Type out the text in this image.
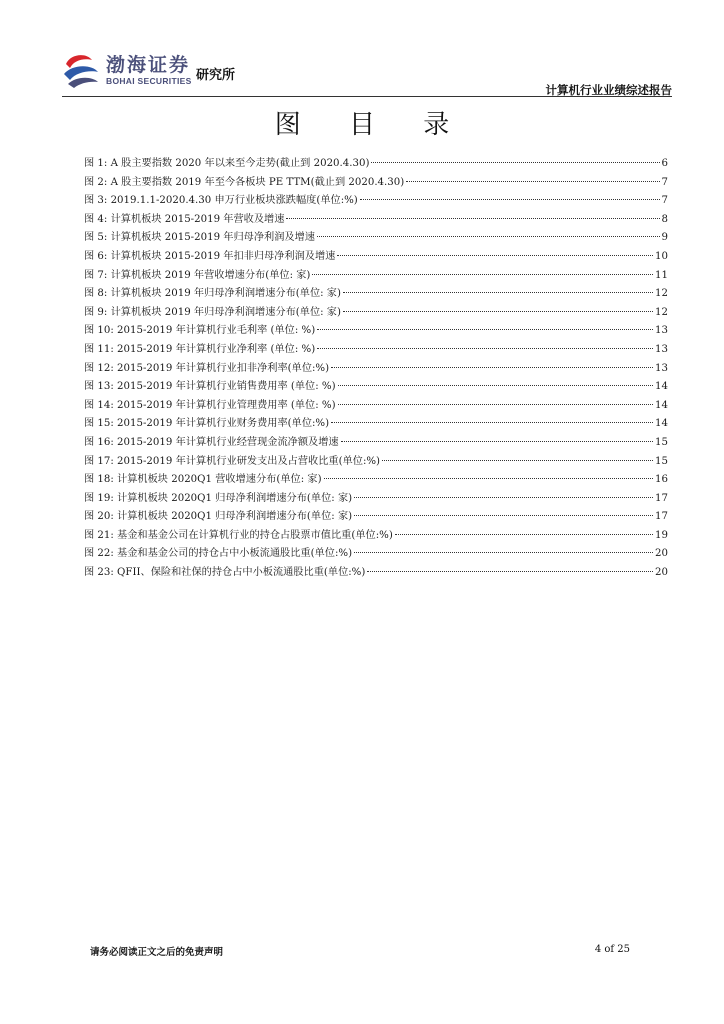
渤海证券
BOHAI SECURITIES 研究所
计算机行业业绩综述报告
图 目 录
图 1: A 股主要指数 2020 年以来至今走势(截止到 2020.4.30)	6
图 2: A 股主要指数 2019 年至今各板块 PE TTM(截止到 2020.4.30)	7
图 3: 2019.1.1-2020.4.30 申万行业板块涨跌幅度(单位:%)	7
图 4: 计算机板块 2015-2019 年营收及增速	8
图 5: 计算机板块 2015-2019 年归母净利润及增速	9
图 6: 计算机板块 2015-2019 年扣非归母净利润及增速	10
图 7: 计算机板块 2019 年营收增速分布(单位: 家)	11
图 8: 计算机板块 2019 年归母净利润增速分布(单位: 家)	12
图 9: 计算机板块 2019 年归母净利润增速分布(单位: 家)	12
图 10: 2015-2019 年计算机行业毛利率 (单位: %)	13
图 11: 2015-2019 年计算机行业净利率 (单位: %)	13
图 12: 2015-2019 年计算机行业扣非净利率(单位:%)	13
图 13: 2015-2019 年计算机行业销售费用率 (单位: %)	14
图 14: 2015-2019 年计算机行业管理费用率 (单位: %)	14
图 15: 2015-2019 年计算机行业财务费用率(单位:%)	14
图 16: 2015-2019 年计算机行业经营现金流净额及增速	15
图 17: 2015-2019 年计算机行业研发支出及占营收比重(单位:%)	15
图 18: 计算机板块 2020Q1 营收增速分布(单位: 家)	16
图 19: 计算机板块 2020Q1 归母净利润增速分布(单位: 家)	17
图 20: 计算机板块 2020Q1 归母净利润增速分布(单位: 家)	17
图 21: 基金和基金公司在计算机行业的持仓占股票市值比重(单位:%)	19
图 22: 基金和基金公司的持仓占中小板流通股比重(单位:%)	20
图 23: QFII、保险和社保的持仓占中小板流通股比重(单位:%)	20
请务必阅读正文之后的免责声明	4 of 25
